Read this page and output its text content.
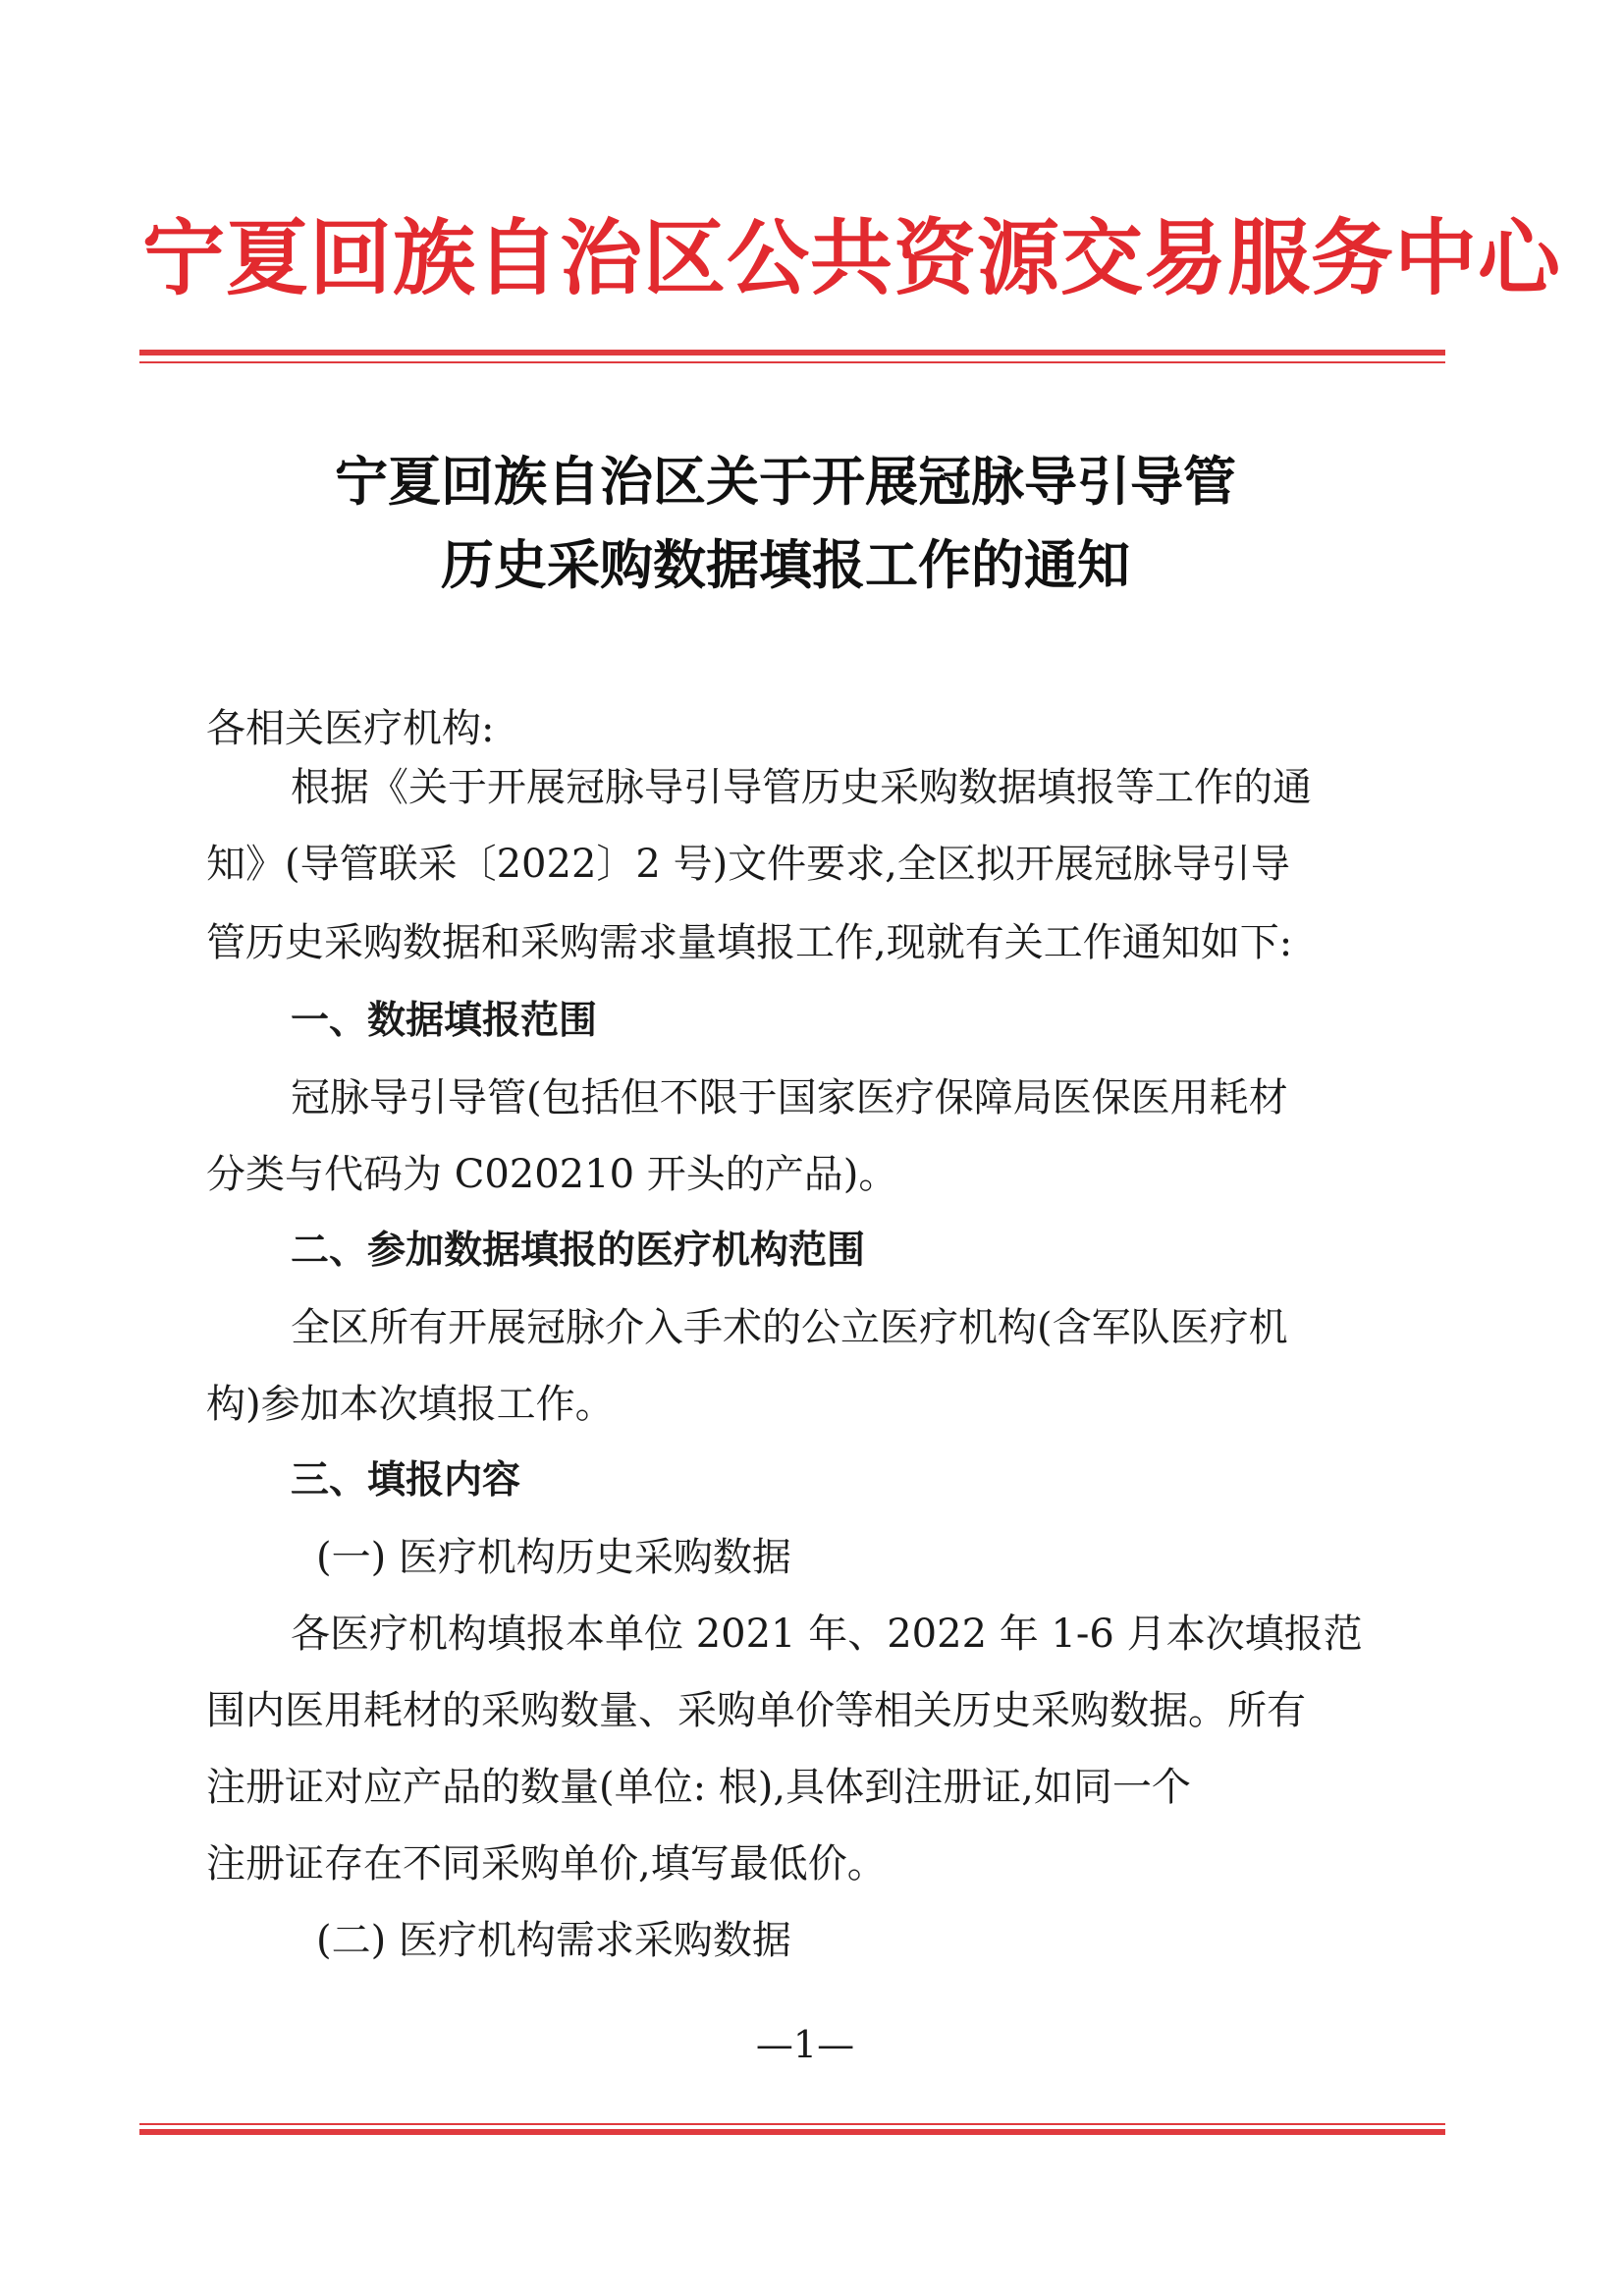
宁夏回族自治区公共资源交易服务中心
宁夏回族自治区关于开展冠脉导引导管
历史采购数据填报工作的通知
各相关医疗机构:
根据《关于开展冠脉导引导管历史采购数据填报等工作的通
知》(导管联采〔2022〕2 号)文件要求,全区拟开展冠脉导引导
管历史采购数据和采购需求量填报工作,现就有关工作通知如下:
一、数据填报范围
冠脉导引导管(包括但不限于国家医疗保障局医保医用耗材
分类与代码为 C020210 开头的产品)。
二、参加数据填报的医疗机构范围
全区所有开展冠脉介入手术的公立医疗机构(含军队医疗机
构)参加本次填报工作。
三、填报内容
(一) 医疗机构历史采购数据
各医疗机构填报本单位 2021 年、2022 年 1-6 月本次填报范
围内医用耗材的采购数量、采购单价等相关历史采购数据。所有
注册证对应产品的数量(单位: 根),具体到注册证,如同一个
注册证存在不同采购单价,填写最低价。
(二) 医疗机构需求采购数据
—1—
